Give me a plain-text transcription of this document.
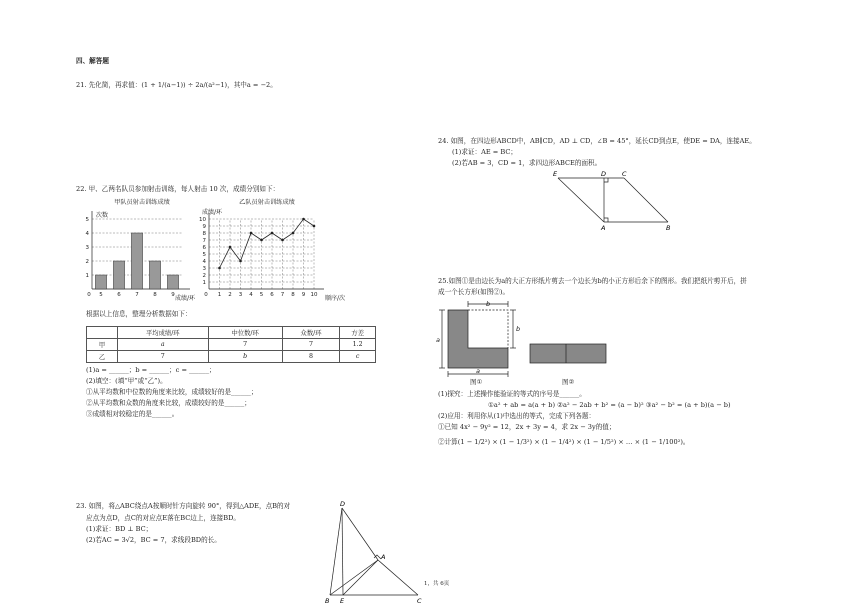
四、解答题
21. 先化简，再求值：(1 + 1/(a−1)) ÷ 2a/(a²−1)，其中a = −2。
22. 甲、乙两名队员参加射击训练，每人射击 10 次，成绩分别如下：
甲队员射击训练成绩
次数
1
2
3
4
5
0 5	6	7	8	9 成绩/环
乙队员射击训练成绩
成绩/环
1
2
3
4
5
6
7
8
9
10
1 2 3 4 5 6 7 8 9 10
0	顺序/次
根据以上信息，整理分析数据如下：
	平均成绩/环	中位数/环	众数/环	方差
甲	a	7	7	1.2
乙	7	b	8	c
(1)a = ______；b = ______；c = ______；
(2)填空：(填“甲”或“乙”)。
①从平均数和中位数的角度来比较，成绩较好的是______；
②从平均数和众数的角度来比较，成绩较好的是______；
③成绩相对较稳定的是______。
23. 如图，将△ABC绕点A按顺时针方向旋转 90°，得到△ADE，点B的对
应点为点D，点C的对应点E落在BC边上，连接BD。
(1)求证：BD ⊥ BC；
(2)若AC = 3√2，BC = 7，求线段BD的长。
D
A
B E	C
24. 如图，在四边形ABCD中，AB∥CD，AD ⊥ CD，∠B = 45°，延长CD到点E，使DE = DA，连接AE。
(1)求证：AE = BC；
(2)若AB = 3，CD = 1，求四边形ABCE的面积。
E	D C
A	B
25.如图①是由边长为a的大正方形纸片剪去一个边长为b的小正方形后余下的图形。我们把纸片剪开后，拼
成一个长方形(如图②)。
b
b
a
a
图①	图②
(1)探究：上述操作能验证的等式的序号是______。
①a² + ab = a(a + b) ②a² − 2ab + b² = (a − b)² ③a² − b² = (a + b)(a − b)
(2)应用：利用你从(1)中选出的等式，完成下列各题：
①已知 4x² − 9y² = 12，2x + 3y = 4，求 2x − 3y的值；
②计算(1 − 1/2²) × (1 − 1/3²) × (1 − 1/4²) × (1 − 1/5²) × … × (1 − 1/100²)。
1，共 6页
